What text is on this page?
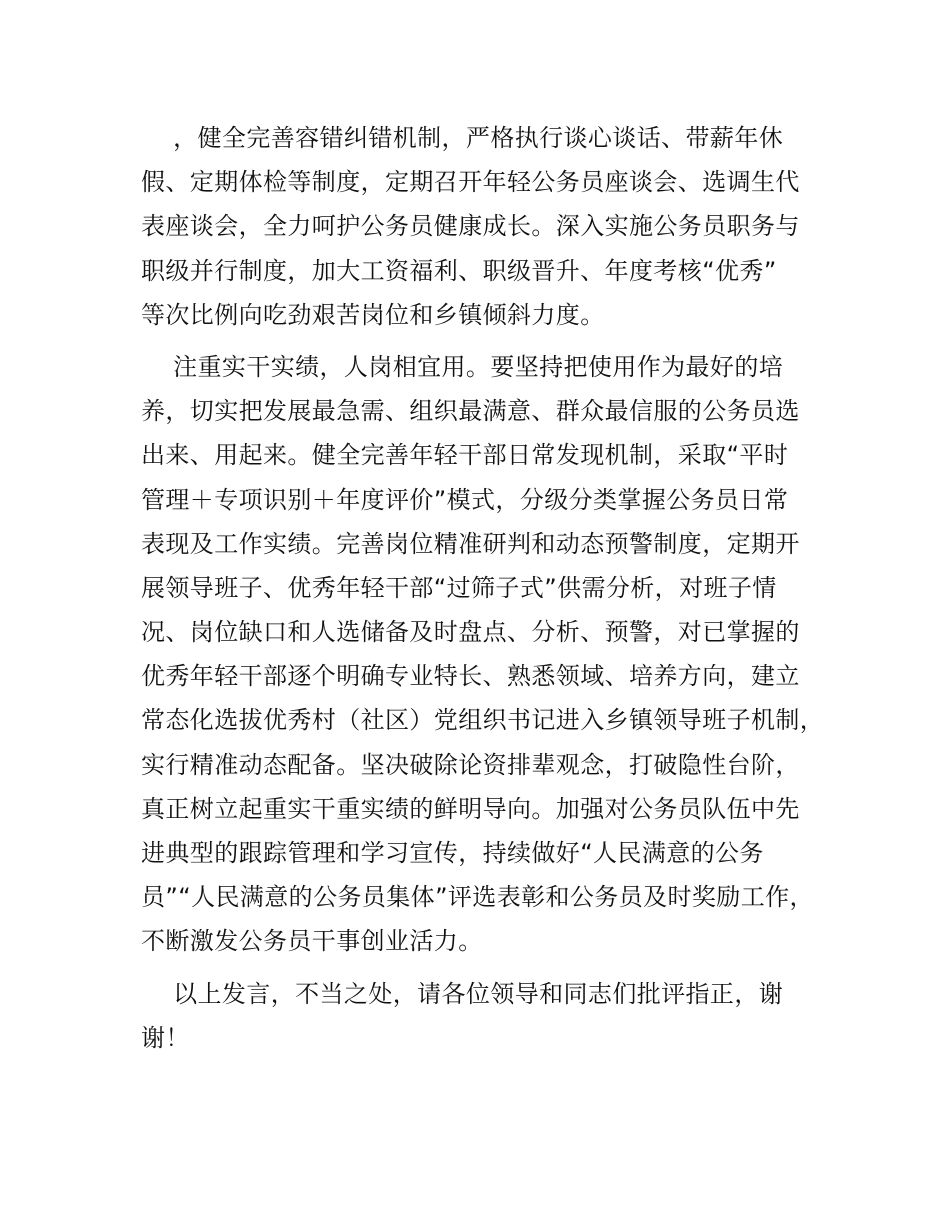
，健全完善容错纠错机制，严格执行谈心谈话、带薪年休
假、定期体检等制度，定期召开年轻公务员座谈会、选调生代
表座谈会，全力呵护公务员健康成长。深入实施公务员职务与
职级并行制度，加大工资福利、职级晋升、年度考核“优秀”
等次比例向吃劲艰苦岗位和乡镇倾斜力度。
注重实干实绩，人岗相宜用。要坚持把使用作为最好的培
养，切实把发展最急需、组织最满意、群众最信服的公务员选
出来、用起来。健全完善年轻干部日常发现机制，采取“平时
管理＋专项识别＋年度评价”模式，分级分类掌握公务员日常
表现及工作实绩。完善岗位精准研判和动态预警制度，定期开
展领导班子、优秀年轻干部“过筛子式”供需分析，对班子情
况、岗位缺口和人选储备及时盘点、分析、预警，对已掌握的
优秀年轻干部逐个明确专业特长、熟悉领域、培养方向，建立
常态化选拔优秀村（社区）党组织书记进入乡镇领导班子机制，
实行精准动态配备。坚决破除论资排辈观念，打破隐性台阶，
真正树立起重实干重实绩的鲜明导向。加强对公务员队伍中先
进典型的跟踪管理和学习宣传，持续做好“人民满意的公务
员”“人民满意的公务员集体”评选表彰和公务员及时奖励工作，
不断激发公务员干事创业活力。
以上发言，不当之处，请各位领导和同志们批评指正，谢
谢！
